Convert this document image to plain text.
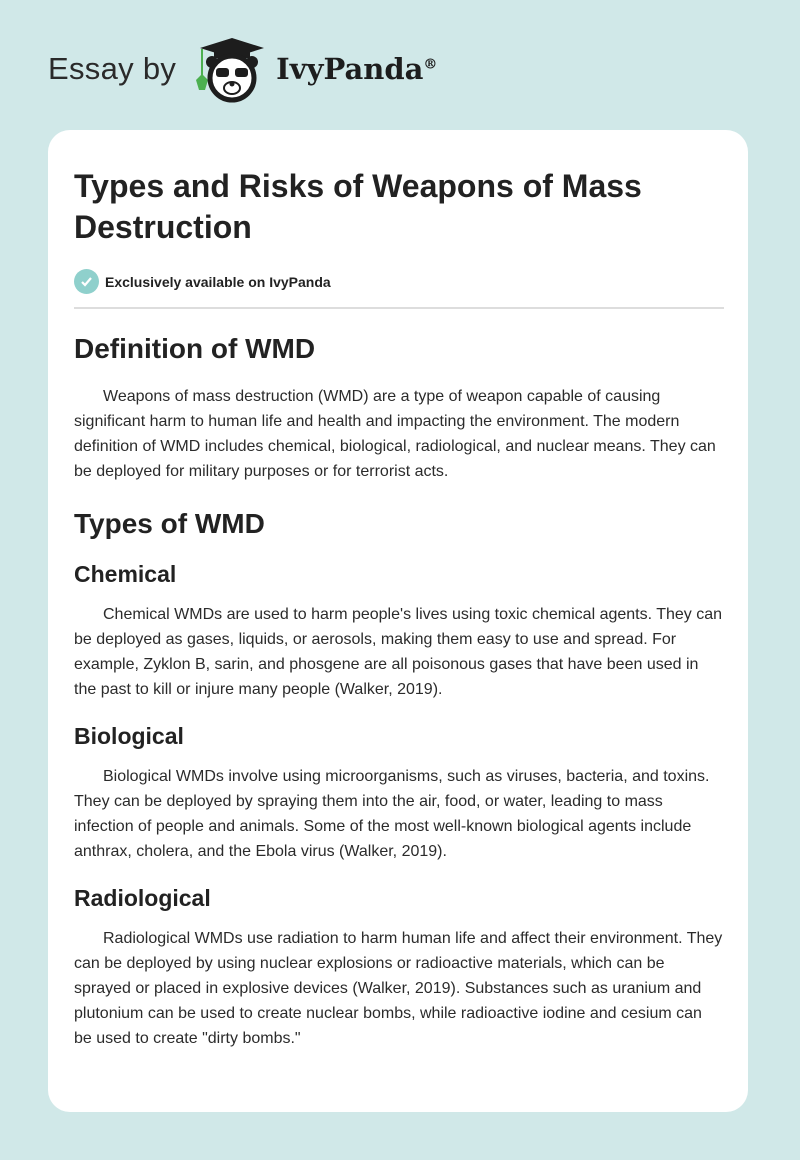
Essay by	IvyPanda®
Types and Risks of Weapons of Mass Destruction
Exclusively available on IvyPanda
Definition of WMD

Weapons of mass destruction (WMD) are a type of weapon capable of causing significant harm to human life and health and impacting the environment. The modern definition of WMD includes chemical, biological, radiological, and nuclear means. They can be deployed for military purposes or for terrorist acts.

Types of WMD
Chemical

Chemical WMDs are used to harm people's lives using toxic chemical agents. They can be deployed as gases, liquids, or aerosols, making them easy to use and spread. For example, Zyklon B, sarin, and phosgene are all poisonous gases that have been used in the past to kill or injure many people (Walker, 2019).

Biological

Biological WMDs involve using microorganisms, such as viruses, bacteria, and toxins. They can be deployed by spraying them into the air, food, or water, leading to mass infection of people and animals. Some of the most well-known biological agents include anthrax, cholera, and the Ebola virus (Walker, 2019).

Radiological

Radiological WMDs use radiation to harm human life and affect their environment. They can be deployed by using nuclear explosions or radioactive materials, which can be sprayed or placed in explosive devices (Walker, 2019). Substances such as uranium and plutonium can be used to create nuclear bombs, while radioactive iodine and cesium can be used to create "dirty bombs."
